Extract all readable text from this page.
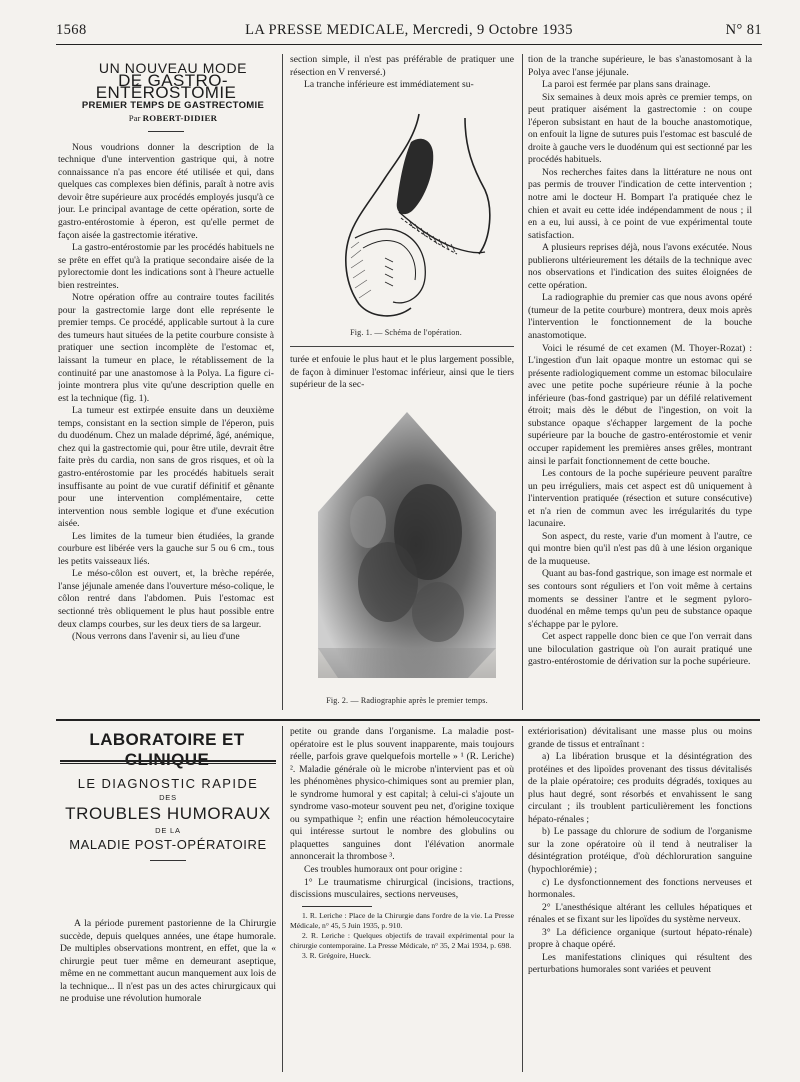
1568	LA PRESSE MEDICALE, Mercredi, 9 Octobre 1935	N° 81

UN NOUVEAU MODE

DE GASTRO-ENTÉROSTOMIE

PREMIER TEMPS DE GASTRECTOMIE

Par ROBERT-DIDIER

Nous voudrions donner la description de la technique d'une intervention gastrique qui, à notre connaissance n'a pas encore été utilisée et qui, dans quelques cas complexes bien définis, paraît à notre avis devoir être supérieure aux procédés employés jusqu'à ce jour. Le principal avantage de cette opération, sorte de gastro-entérostomie à éperon, est qu'elle permet de façon aisée la gastrectomie itérative.

La gastro-entérostomie par les procédés habituels ne se prête en effet qu'à la pratique secondaire aisée de la pylorectomie dont les indications sont à l'heure actuelle bien restreintes.

Notre opération offre au contraire toutes facilités pour la gastrectomie large dont elle représente le premier temps. Ce procédé, applicable surtout à la cure des tumeurs haut situées de la petite courbure consiste à pratiquer une section incomplète de l'estomac et, laissant la tumeur en place, le rétablissement de la continuité par une anastomose à la Polya. La figure ci-jointe montrera plus vite qu'une description quelle en est la technique (fig. 1).

La tumeur est extirpée ensuite dans un deuxième temps, consistant en la section simple de l'éperon, puis du duodénum. Chez un malade déprimé, âgé, anémique, chez qui la gastrectomie qui, pour être utile, devrait être faite près du cardia, non sans de gros risques, et où la gastro-entérostomie par les procédés habituels serait insuffisante au point de vue curatif définitif et gênante pour une intervention complémentaire, cette intervention nous semble logique et d'une exécution aisée.

Les limites de la tumeur bien étudiées, la grande courbure est libérée vers la gauche sur 5 ou 6 cm., tous les petits vaisseaux liés.

Le méso-côlon est ouvert, et, la brèche repérée, l'anse jéjunale amenée dans l'ouverture méso-colique, le côlon rentré dans l'abdomen. Puis l'estomac est sectionné très obliquement le plus haut possible entre deux clamps courbes, sur les deux tiers de sa largeur.

(Nous verrons dans l'avenir si, au lieu d'une

section simple, il n'est pas préférable de pratiquer une résection en V renversé.)

La tranche inférieure est immédiatement su-

Fig. 1. — Schéma de l'opération.

turée et enfouie le plus haut et le plus largement possible, de façon à diminuer l'estomac inférieur, ainsi que le tiers supérieur de la sec-

Fig. 2. — Radiographie après le premier temps.

tion de la tranche supérieure, le bas s'anastomosant à la Polya avec l'anse jéjunale.

La paroi est fermée par plans sans drainage.

Six semaines à deux mois après ce premier temps, on peut pratiquer aisément la gastrectomie : on coupe l'éperon subsistant en haut de la bouche anastomotique, on enfouit la ligne de sutures puis l'estomac est basculé de droite à gauche vers le duodénum qui est sectionné par les procédés habituels.

Nos recherches faites dans la littérature ne nous ont pas permis de trouver l'indication de cette intervention ; notre ami le docteur H. Bompart l'a pratiquée chez le chien et avait eu cette idée indépendamment de nous ; il en a eu, lui aussi, à ce point de vue expérimental toute satisfaction.

A plusieurs reprises déjà, nous l'avons exécutée. Nous publierons ultérieurement les détails de la technique avec nos observations et l'indication des suites éloignées de cette opération.

La radiographie du premier cas que nous avons opéré (tumeur de la petite courbure) montrera, deux mois après l'intervention le fonctionnement de la bouche anastomotique.

Voici le résumé de cet examen (M. Thoyer-Rozat) : L'ingestion d'un lait opaque montre un estomac qui se présente radiologiquement comme un estomac biloculaire avec une petite poche supérieure réunie à la poche inférieure (bas-fond gastrique) par un défilé relativement étroit; mais dès le début de l'ingestion, on voit la substance opaque s'échapper largement de la poche supérieure par la bouche de gastro-entérostomie et venir occuper rapidement les premières anses grêles, montrant ainsi le parfait fonctionnement de cette bouche.

Les contours de la poche supérieure peuvent paraître un peu irréguliers, mais cet aspect est dû uniquement à l'intervention pratiquée (résection et suture consécutive) et n'a rien de commun avec les irrégularités du type lacunaire.

Son aspect, du reste, varie d'un moment à l'autre, ce qui montre bien qu'il n'est pas dû à une lésion organique de la muqueuse.

Quant au bas-fond gastrique, son image est normale et ses contours sont réguliers et l'on voit même à certains moments se dessiner l'antre et le segment pyloro-duodénal en même temps qu'un peu de substance opaque s'échappe par le pylore.

Cet aspect rappelle donc bien ce que l'on verrait dans une biloculation gastrique où l'on aurait pratiqué une gastro-entérostomie de dérivation sur la poche supérieure.

LABORATOIRE ET CLINIQUE

LE DIAGNOSTIC RAPIDE

DES

TROUBLES HUMORAUX

DE LA

MALADIE POST-OPÉRATOIRE

A la période purement pastorienne de la Chirurgie succède, depuis quelques années, une étape humorale. De multiples observations montrent, en effet, que la « chirurgie peut tuer même en demeurant aseptique, même en ne commettant aucun manquement aux lois de la technique... Il n'est pas un des actes chirurgicaux qui ne produise une révolution humorale

petite ou grande dans l'organisme. La maladie post-opératoire est le plus souvent inapparente, mais toujours réelle, parfois grave quelquefois mortelle » ¹ (R. Leriche) ². Maladie générale où le microbe n'intervient pas et où les phénomènes physico-chimiques sont au premier plan, le syndrome humoral y est capital; à celui-ci s'ajoute un syndrome vaso-moteur souvent peu net, d'origine toxique ou sympathique ²; enfin une réaction hémoleucocytaire qui intéresse surtout le nombre des globulins ou plaquettes sanguines dont l'élévation anormale annoncerait la thrombose ³.

Ces troubles humoraux ont pour origine :

1° Le traumatisme chirurgical (incisions, tractions, discissions musculaires, sections nerveuses,

1. R. Leriche : Place de la Chirurgie dans l'ordre de la vie. La Presse Médicale, n° 45, 5 Juin 1935, p. 910.

2. R. Leriche : Quelques objectifs de travail expérimental pour la chirurgie contemporaine. La Presse Médicale, n° 35, 2 Mai 1934, p. 698.

3. R. Grégoire, Hueck.

extériorisation) dévitalisant une masse plus ou moins grande de tissus et entraînant :

a) La libération brusque et la désintégration des protéines et des lipoïdes provenant des tissus dévitalisés de la plaie opératoire; ces produits dégradés, toxiques au plus haut degré, sont résorbés et envahissent le sang circulant ; ils troublent particulièrement les fonctions hépato-rénales ;

b) Le passage du chlorure de sodium de l'organisme sur la zone opératoire où il tend à neutraliser la désintégration protéique, d'où déchloruration sanguine (hypochlorémie) ;

c) Le dysfonctionnement des fonctions nerveuses et hormonales.

2° L'anesthésique altérant les cellules hépatiques et rénales et se fixant sur les lipoïdes du système nerveux.

3° La déficience organique (surtout hépato-rénale) propre à chaque opéré.

Les manifestations cliniques qui résultent des perturbations humorales sont variées et peuvent
